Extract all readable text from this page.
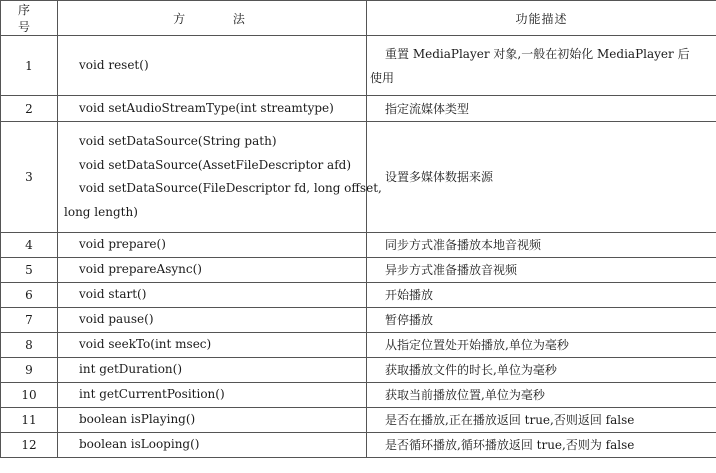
序 号	方 法	功能描述
1	void reset()	重置 MediaPlayer 对象,一般在初始化 MediaPlayer 后
使用

2	void setAudioStreamType(int streamtype)	指定流媒体类型
3	void setDataSource(String path)
void setDataSource(AssetFileDescriptor afd)
void setDataSource(FileDescriptor fd, long offset,
long length)	设置多媒体数据来源
4	void prepare()	同步方式准备播放本地音视频
5	void prepareAsync()	异步方式准备播放音视频
6	void start()	开始播放
7	void pause()	暂停播放
8	void seekTo(int msec)	从指定位置处开始播放,单位为毫秒
9	int getDuration()	获取播放文件的时长,单位为毫秒
10	int getCurrentPosition()	获取当前播放位置,单位为毫秒
11	boolean isPlaying()	是否在播放,正在播放返回 true,否则返回 false
12	boolean isLooping()	是否循环播放,循环播放返回 true,否则为 false
